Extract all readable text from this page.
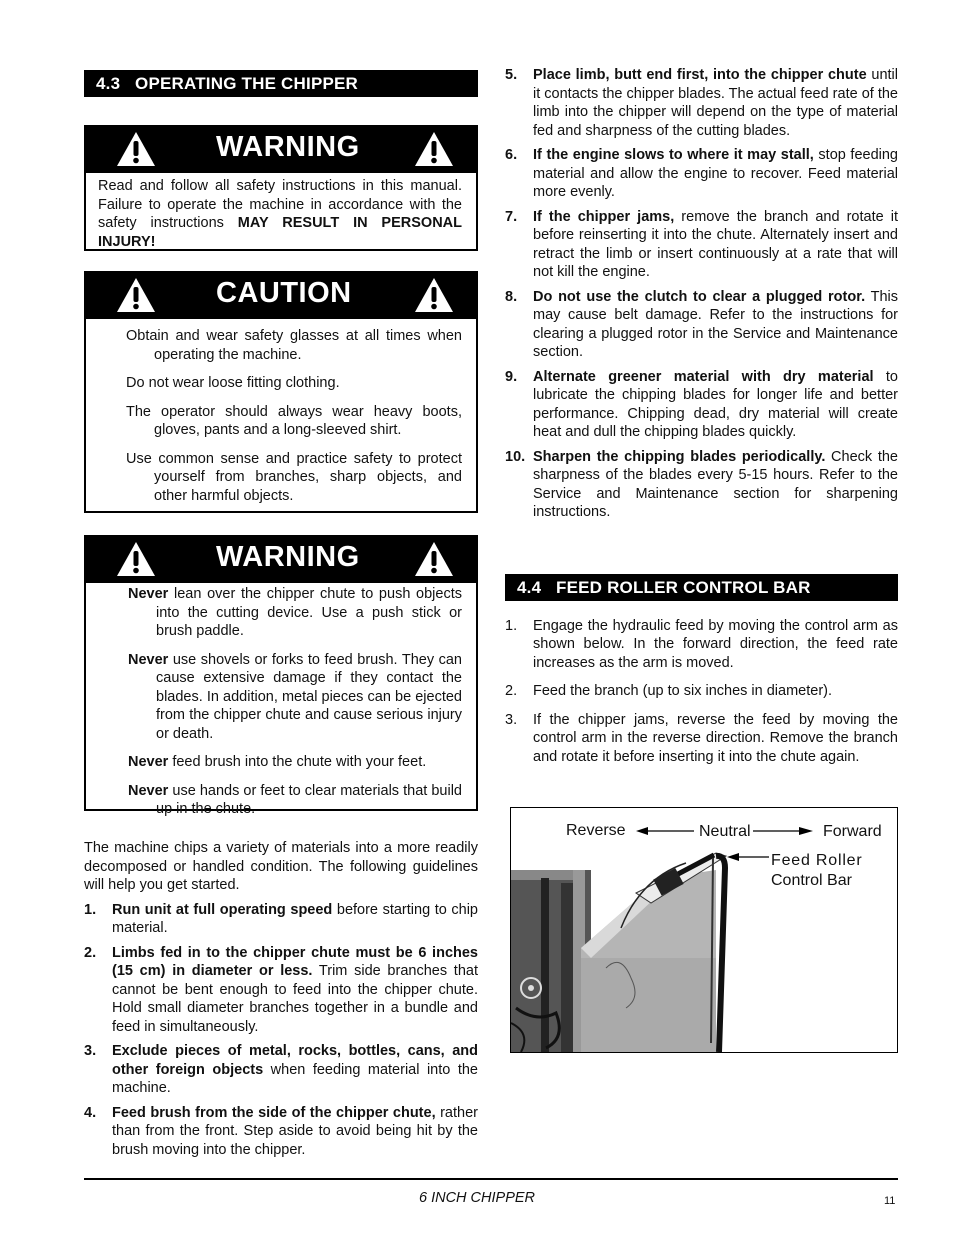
4.3 OPERATING THE CHIPPER
WARNING

Read and follow all safety instructions in this manual. Failure to operate the machine in accordance with the safety instructions MAY RESULT IN PERSONAL INJURY!

CAUTION

Obtain and wear safety glasses at all times when operating the machine.

Do not wear loose fitting clothing.

The operator should always wear heavy boots, gloves, pants and a long-sleeved shirt.

Use common sense and practice safety to protect yourself from branches, sharp objects, and other harmful objects.

WARNING

Never lean over the chipper chute to push objects into the cutting device. Use a push stick or brush paddle.

Never use shovels or forks to feed brush. They can cause extensive damage if they contact the blades. In addition, metal pieces can be ejected from the chipper chute and cause serious injury or death.

Never feed brush into the chute with your feet.

Never use hands or feet to clear materials that build up in the chute.

The machine chips a variety of materials into a more readily decomposed or handled condition. The following guidelines will help you get started.

1. Run unit at full operating speed before starting to chip material.
2. Limbs fed in to the chipper chute must be 6 inches (15 cm) in diameter or less. Trim side branches that cannot be bent enough to feed into the chipper chute. Hold small diameter branches together in a bundle and feed in simultaneously.
3. Exclude pieces of metal, rocks, bottles, cans, and other foreign objects when feeding material into the machine.
4. Feed brush from the side of the chipper chute, rather than from the front. Step aside to avoid being hit by the brush moving into the chipper.
5. Place limb, butt end first, into the chipper chute until it contacts the chipper blades. The actual feed rate of the limb into the chipper will depend on the type of material fed and sharpness of the cutting blades.
6. If the engine slows to where it may stall, stop feeding material and allow the engine to recover. Feed material more evenly.
7. If the chipper jams, remove the branch and rotate it before reinserting it into the chute. Alternately insert and retract the limb or insert continuously at a rate that will not kill the engine.
8. Do not use the clutch to clear a plugged rotor. This may cause belt damage. Refer to the instructions for clearing a plugged rotor in the Service and Maintenance section.
9. Alternate greener material with dry material to lubricate the chipping blades for longer life and better performance. Chipping dead, dry material will create heat and dull the chipping blades quickly.
10. Sharpen the chipping blades periodically. Check the sharpness of the blades every 5-15 hours. Refer to the Service and Maintenance section for sharpening instructions.
4.4 FEED ROLLER CONTROL BAR
1. Engage the hydraulic feed by moving the control arm as shown below. In the forward direction, the feed rate increases as the arm is moved.
2. Feed the branch (up to six inches in diameter).
3. If the chipper jams, reverse the feed by moving the control arm in the reverse direction. Remove the branch and rotate it before inserting it into the chute again.
Reverse	Neutral	Forward
Feed Roller
Control Bar
6 INCH CHIPPER	11
